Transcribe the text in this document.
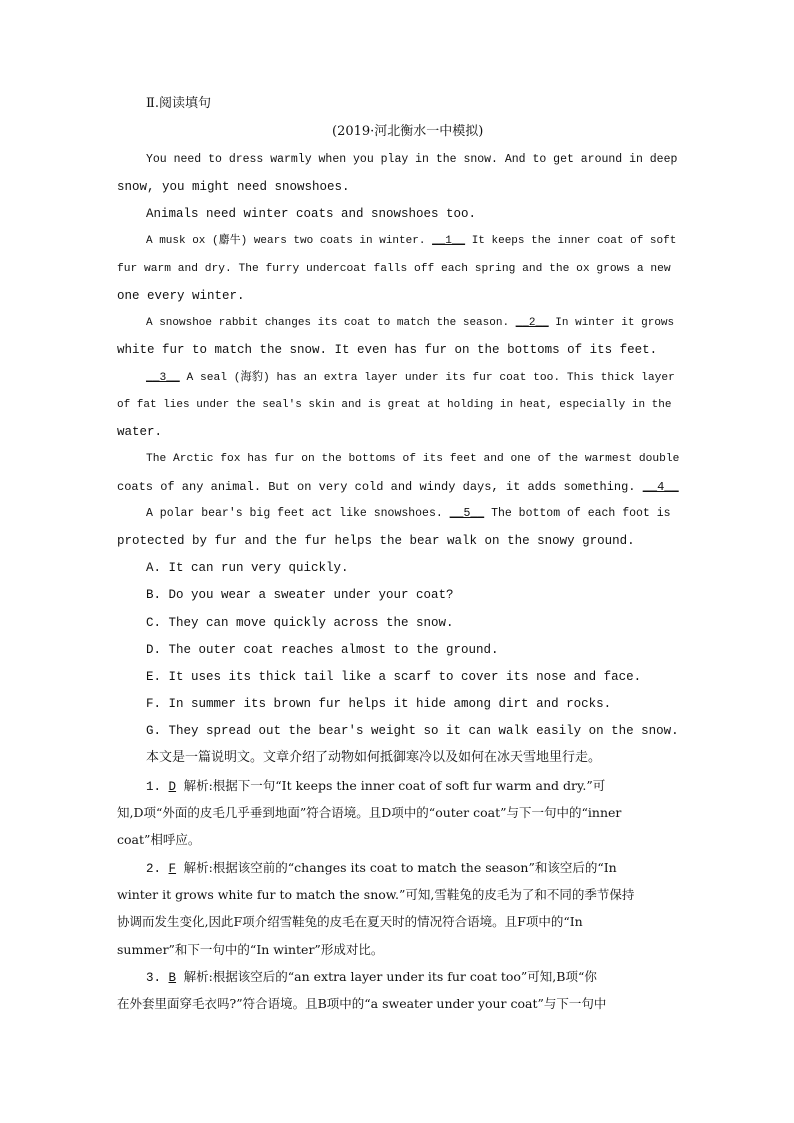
Ⅱ.阅读填句
(2019·河北衡水一中模拟)
You need to dress warmly when you play in the snow. And to get around in deep
snow, you might need snowshoes.
Animals need winter coats and snowshoes too.
A musk ox (麝牛) wears two coats in winter. __1__ It keeps the inner coat of soft
fur warm and dry. The furry undercoat falls off each spring and the ox grows a new
one every winter.
A snowshoe rabbit changes its coat to match the season. __2__ In winter it grows
white fur to match the snow. It even has fur on the bottoms of its feet.
__3__ A seal (海豹) has an extra layer under its fur coat too. This thick layer
of fat lies under the seal's skin and is great at holding in heat, especially in the
water.
The Arctic fox has fur on the bottoms of its feet and one of the warmest double
coats of any animal. But on very cold and windy days, it adds something. __4__
A polar bear's big feet act like snowshoes. __5__ The bottom of each foot is
protected by fur and the fur helps the bear walk on the snowy ground.
A. It can run very quickly.
B. Do you wear a sweater under your coat?
C. They can move quickly across the snow.
D. The outer coat reaches almost to the ground.
E. It uses its thick tail like a scarf to cover its nose and face.
F. In summer its brown fur helps it hide among dirt and rocks.
G. They spread out the bear's weight so it can walk easily on the snow.
本文是一篇说明文。文章介绍了动物如何抵御寒冷以及如何在冰天雪地里行走。
1. D 解析:根据下一句“It keeps the inner coat of soft fur warm and dry.”可
知,D项“外面的皮毛几乎垂到地面”符合语境。且D项中的“outer coat”与下一句中的“inner
coat”相呼应。
2. F 解析:根据该空前的“changes its coat to match the season”和该空后的“In
winter it grows white fur to match the snow.”可知,雪鞋兔的皮毛为了和不同的季节保持
协调而发生变化,因此F项介绍雪鞋兔的皮毛在夏天时的情况符合语境。且F项中的“In
summer”和下一句中的“In winter”形成对比。
3. B 解析:根据该空后的“an extra layer under its fur coat too”可知,B项“你
在外套里面穿毛衣吗?”符合语境。且B项中的“a sweater under your coat”与下一句中
